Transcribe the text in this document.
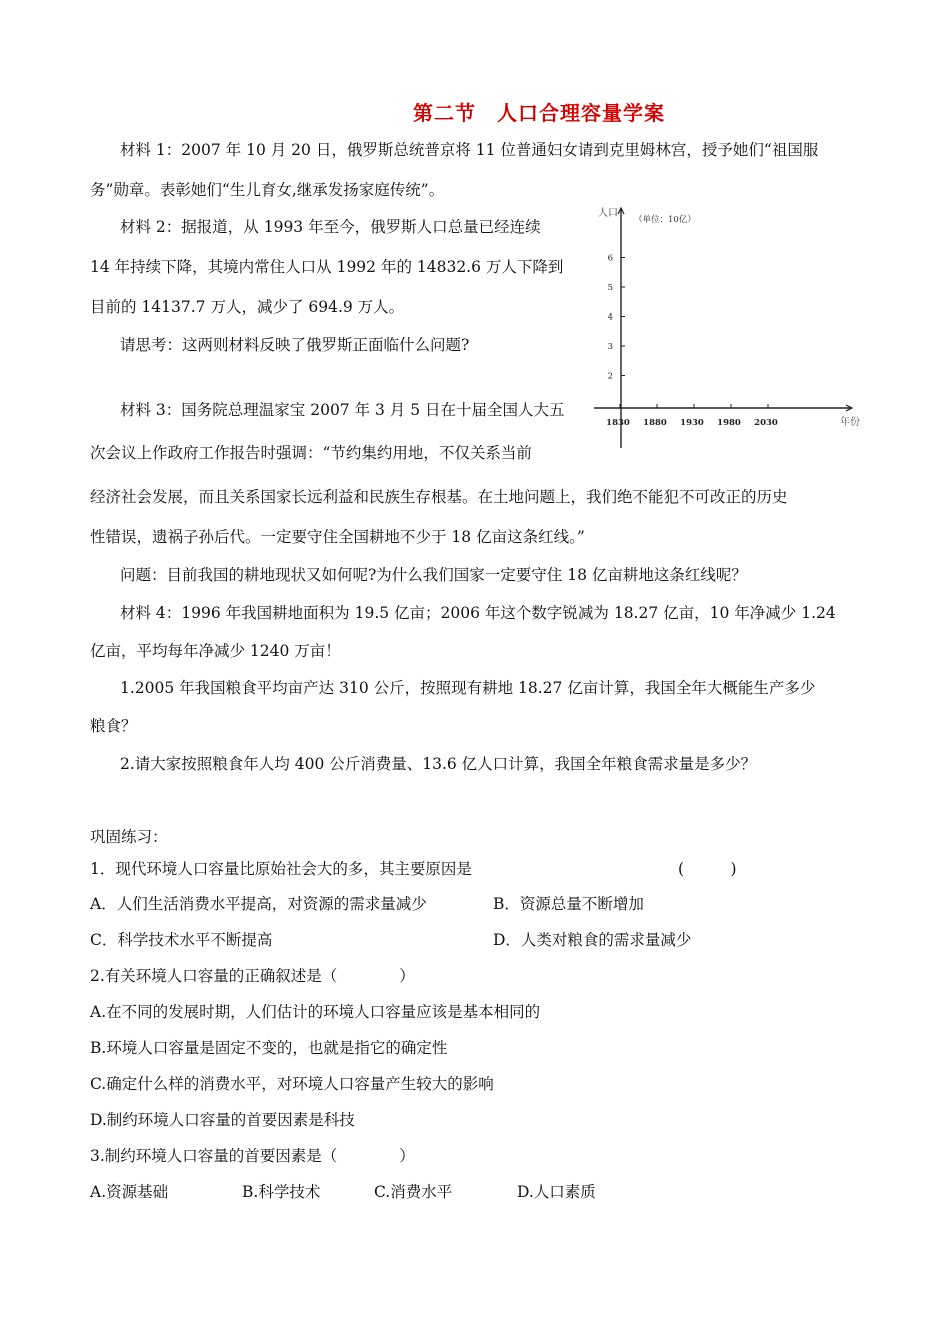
第二节　人口合理容量学案
材料 1：2007 年 10 月 20 日，俄罗斯总统普京将 11 位普通妇女请到克里姆林宫，授予她们“祖国服
务”勋章。表彰她们“生儿育女,继承发扬家庭传统”。
材料 2：据报道，从 1993 年至今，俄罗斯人口总量已经连续
14 年持续下降，其境内常住人口从 1992 年的 14832.6 万人下降到
目前的 14137.7 万人，减少了 694.9 万人。
请思考：这两则材料反映了俄罗斯正面临什么问题?
材料 3：国务院总理温家宝 2007 年 3 月 5 日在十届全国人大五
次会议上作政府工作报告时强调：“节约集约用地，不仅关系当前
经济社会发展，而且关系国家长远利益和民族生存根基。在土地问题上，我们绝不能犯不可改正的历史
性错误，遗祸子孙后代。一定要守住全国耕地不少于 18 亿亩这条红线。”
问题：目前我国的耕地现状又如何呢?为什么我们国家一定要守住 18 亿亩耕地这条红线呢？
材料 4：1996 年我国耕地面积为 19.5 亿亩；2006 年这个数字锐减为 18.27 亿亩，10 年净减少 1.24
亿亩，平均每年净减少 1240 万亩！
1.2005 年我国粮食平均亩产达 310 公斤，按照现有耕地 18.27 亿亩计算，我国全年大概能生产多少
粮食？
2.请大家按照粮食年人均 400 公斤消费量、13.6 亿人口计算，我国全年粮食需求量是多少？
巩固练习：
1．现代环境人口容量比原始社会大的多，其主要原因是	(　　　)
A．人们生活消费水平提高，对资源的需求量减少	B．资源总量不断增加
C．科学技术水平不断提高	D．人类对粮食的需求量减少
2.有关环境人口容量的正确叙述是（　　　　）
A.在不同的发展时期，人们估计的环境人口容量应该是基本相同的
B.环境人口容量是固定不变的，也就是指它的确定性
C.确定什么样的消费水平，对环境人口容量产生较大的影响
D.制约环境人口容量的首要因素是科技
3.制约环境人口容量的首要因素是（　　　　）
A.资源基础	B.科学技术	C.消费水平	D.人口素质
人口
（单位：10亿）
2
3
4
5
6
1830 1880 1930 1980 2030	年份
